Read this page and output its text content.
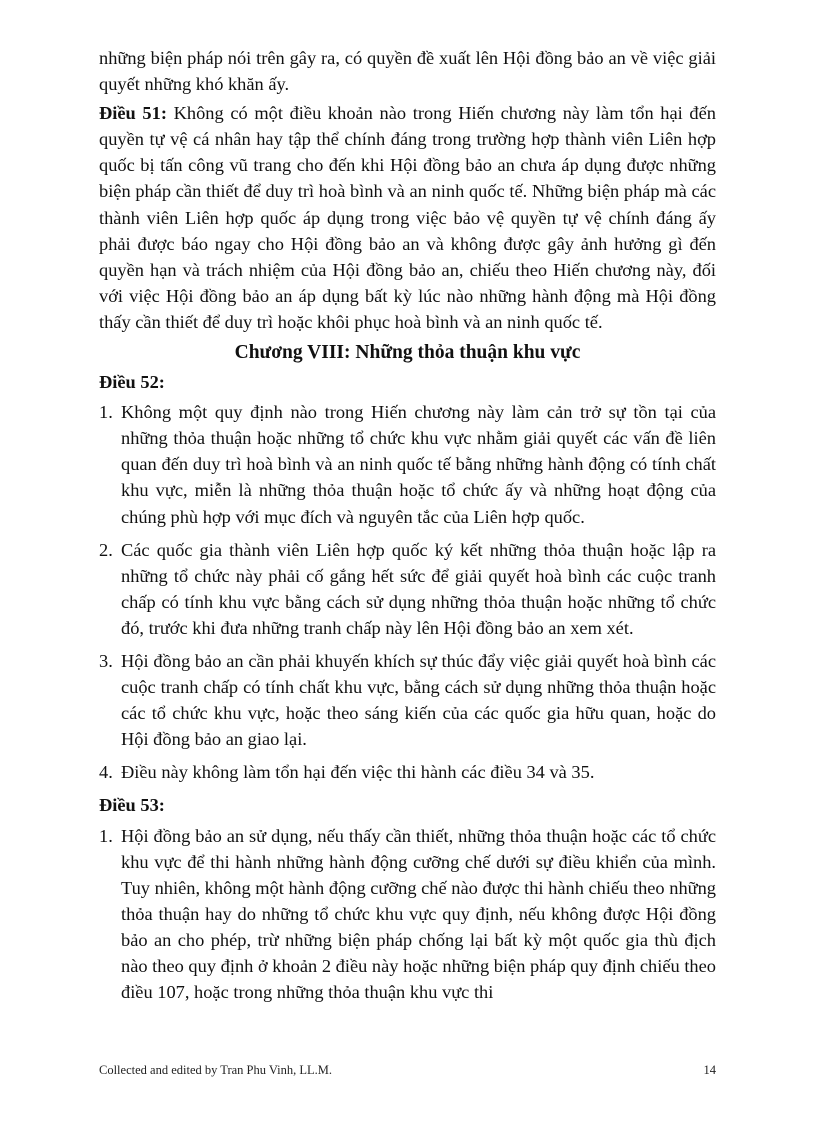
những biện pháp nói trên gây ra, có quyền đề xuất lên Hội đồng bảo an về việc giải quyết những khó khăn ấy.

Điều 51: Không có một điều khoản nào trong Hiến chương này làm tổn hại đến quyền tự vệ cá nhân hay tập thể chính đáng trong trường hợp thành viên Liên hợp quốc bị tấn công vũ trang cho đến khi Hội đồng bảo an chưa áp dụng được những biện pháp cần thiết để duy trì hoà bình và an ninh quốc tế. Những biện pháp mà các thành viên Liên hợp quốc áp dụng trong việc bảo vệ quyền tự vệ chính đáng ấy phải được báo ngay cho Hội đồng bảo an và không được gây ảnh hưởng gì đến quyền hạn và trách nhiệm của Hội đồng bảo an, chiếu theo Hiến chương này, đối với việc Hội đồng bảo an áp dụng bất kỳ lúc nào những hành động mà Hội đồng thấy cần thiết để duy trì hoặc khôi phục hoà bình và an ninh quốc tế.

Chương VIII: Những thỏa thuận khu vực

Điều 52:

1. Không một quy định nào trong Hiến chương này làm cản trở sự tồn tại của những thỏa thuận hoặc những tổ chức khu vực nhằm giải quyết các vấn đề liên quan đến duy trì hoà bình và an ninh quốc tế bằng những hành động có tính chất khu vực, miễn là những thỏa thuận hoặc tổ chức ấy và những hoạt động của chúng phù hợp với mục đích và nguyên tắc của Liên hợp quốc.
2. Các quốc gia thành viên Liên hợp quốc ký kết những thỏa thuận hoặc lập ra những tổ chức này phải cố gắng hết sức để giải quyết hoà bình các cuộc tranh chấp có tính khu vực bằng cách sử dụng những thỏa thuận hoặc những tổ chức đó, trước khi đưa những tranh chấp này lên Hội đồng bảo an xem xét.
3. Hội đồng bảo an cần phải khuyến khích sự thúc đẩy việc giải quyết hoà bình các cuộc tranh chấp có tính chất khu vực, bằng cách sử dụng những thỏa thuận hoặc các tổ chức khu vực, hoặc theo sáng kiến của các quốc gia hữu quan, hoặc do Hội đồng bảo an giao lại.
4. Điều này không làm tổn hại đến việc thi hành các điều 34 và 35.

Điều 53:

1. Hội đồng bảo an sử dụng, nếu thấy cần thiết, những thỏa thuận hoặc các tổ chức khu vực để thi hành những hành động cưỡng chế dưới sự điều khiển của mình. Tuy nhiên, không một hành động cưỡng chế nào được thi hành chiếu theo những thỏa thuận hay do những tổ chức khu vực quy định, nếu không được Hội đồng bảo an cho phép, trừ những biện pháp chống lại bất kỳ một quốc gia thù địch nào theo quy định ở khoản 2 điều này hoặc những biện pháp quy định chiếu theo điều 107, hoặc trong những thỏa thuận khu vực thi
Collected and edited by Tran Phu Vinh, LL.M.	14
